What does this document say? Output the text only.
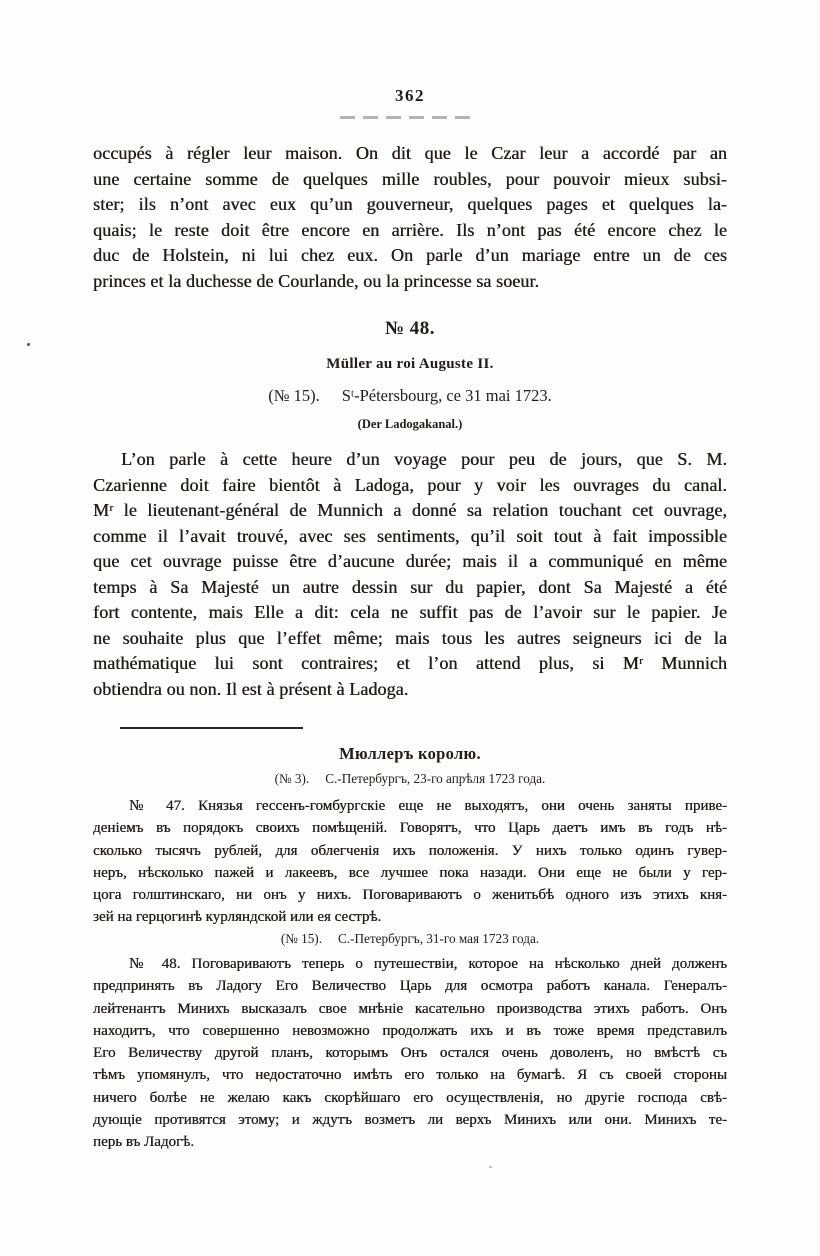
362
occupés à régler leur maison. On dit que le Czar leur a accordé par an
une certaine somme de quelques mille roubles, pour pouvoir mieux subsi-
ster; ils n’ont avec eux qu’un gouverneur, quelques pages et quelques la-
quais; le reste doit être encore en arrière. Ils n’ont pas été encore chez le
duc de Holstein, ni lui chez eux. On parle d’un mariage entre un de ces
princes et la duchesse de Courlande, ou la princesse sa soeur.
№ 48.
Müller au roi Auguste II.
(№ 15). Sᵗ-Pétersbourg, ce 31 mai 1723.
(Der Ladogakanal.)
L’on parle à cette heure d’un voyage pour peu de jours, que S. M.
Czarienne doit faire bientôt à Ladoga, pour y voir les ouvrages du canal.
Mʳ le lieutenant-général de Munnich a donné sa relation touchant cet ouvrage,
comme il l’avait trouvé, avec ses sentiments, qu’il soit tout à fait impossible
que cet ouvrage puisse être d’aucune durée; mais il a communiqué en même
temps à Sa Majesté un autre dessin sur du papier, dont Sa Majesté a été
fort contente, mais Elle a dit: cela ne suffit pas de l’avoir sur le papier. Je
ne souhaite plus que l’effet même; mais tous les autres seigneurs ici de la
mathématique lui sont contraires; et l’on attend plus, si Mʳ Munnich
obtiendra ou non. Il est à présent à Ladoga.
Мюллеръ королю.
(№ 3). С.-Петербургъ, 23-го апрѣля 1723 года.
№ 47. Князья гессенъ-гомбургскіе еще не выходятъ, они очень заняты приве-
деніемъ въ порядокъ своихъ помѣщеній. Говорятъ, что Царь даетъ имъ въ годъ нѣ-
сколько тысячъ рублей, для облегченія ихъ положенія. У нихъ только одинъ гувер-
неръ, нѣсколько пажей и лакеевъ, все лучшее пока назади. Они еще не были у гер-
цога голштинскаго, ни онъ у нихъ. Поговариваютъ о женитьбѣ одного изъ этихъ кня-
зей на герцогинѣ курляндской или ея сестрѣ.
(№ 15). С.-Петербургъ, 31-го мая 1723 года.
№ 48. Поговариваютъ теперь о путешествіи, которое на нѣсколько дней долженъ
предпринять въ Ладогу Его Величество Царь для осмотра работъ канала. Генералъ-
лейтенантъ Минихъ высказалъ свое мнѣніе касательно производства этихъ работъ. Онъ
находитъ, что совершенно невозможно продолжать ихъ и въ тоже время представилъ
Его Величеству другой планъ, которымъ Онъ остался очень доволенъ, но вмѣстѣ съ
тѣмъ упомянулъ, что недостаточно имѣть его только на бумагѣ. Я съ своей стороны
ничего болѣе не желаю какъ скорѣйшаго его осуществленія, но другіе господа свѣ-
дующіе противятся этому; и ждутъ возметъ ли верхъ Минихъ или они. Минихъ те-
перь въ Ладогѣ.
